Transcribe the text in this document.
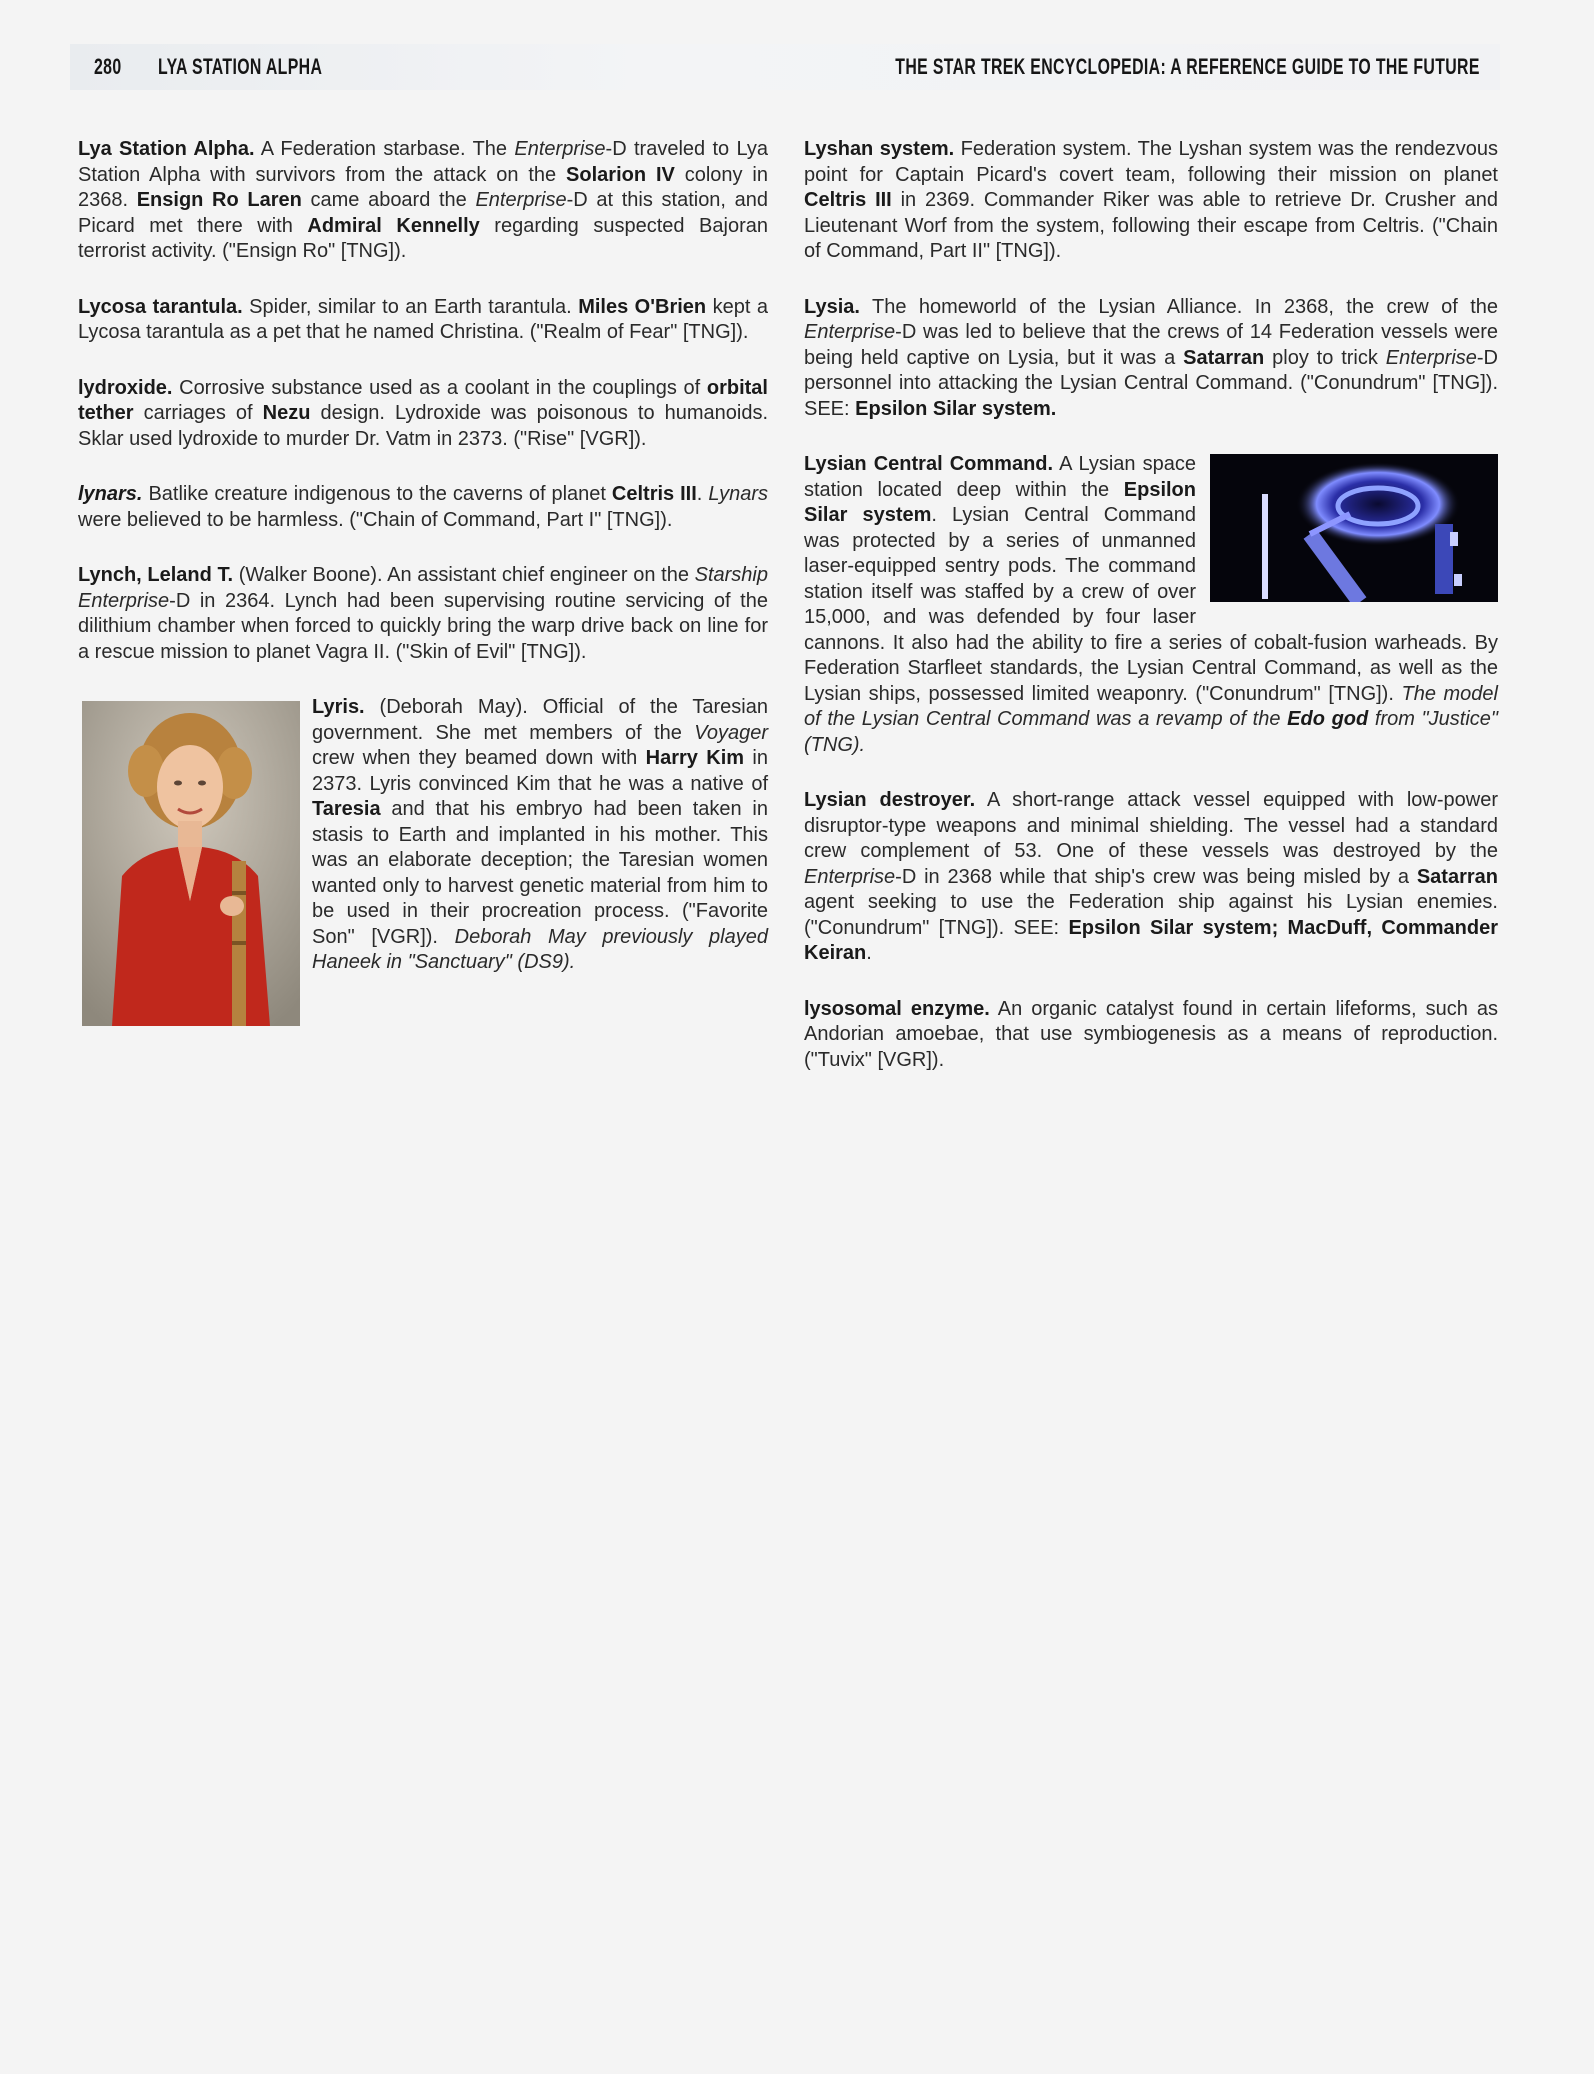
280 LYA STATION ALPHA	THE STAR TREK ENCYCLOPEDIA: A REFERENCE GUIDE TO THE FUTURE

Lya Station Alpha. A Federation starbase. The Enterprise-D traveled to Lya Station Alpha with survivors from the attack on the Solarion IV colony in 2368. Ensign Ro Laren came aboard the Enterprise-D at this station, and Picard met there with Admiral Kennelly regarding suspected Bajoran terrorist activity. ("Ensign Ro" [TNG]).

Lycosa tarantula. Spider, similar to an Earth tarantula. Miles O'Brien kept a Lycosa tarantula as a pet that he named Christina. ("Realm of Fear" [TNG]).

lydroxide. Corrosive substance used as a coolant in the couplings of orbital tether carriages of Nezu design. Lydroxide was poisonous to humanoids. Sklar used lydroxide to murder Dr. Vatm in 2373. ("Rise" [VGR]).

lynars. Batlike creature indigenous to the caverns of planet Celtris III. Lynars were believed to be harmless. ("Chain of Command, Part I" [TNG]).

Lynch, Leland T. (Walker Boone). An assistant chief engineer on the Starship Enterprise-D in 2364. Lynch had been supervising routine servicing of the dilithium chamber when forced to quickly bring the warp drive back on line for a rescue mission to planet Vagra II. ("Skin of Evil" [TNG]).

Lyris. (Deborah May). Official of the Taresian government. She met members of the Voyager crew when they beamed down with Harry Kim in 2373. Lyris convinced Kim that he was a native of Taresia and that his embryo had been taken in stasis to Earth and implanted in his mother. This was an elaborate deception; the Taresian women wanted only to harvest genetic material from him to be used in their procreation process. ("Favorite Son" [VGR]). Deborah May previously played Haneek in "Sanctuary" (DS9).

Lyshan system. Federation system. The Lyshan system was the rendezvous point for Captain Picard's covert team, following their mission on planet Celtris III in 2369. Commander Riker was able to retrieve Dr. Crusher and Lieutenant Worf from the system, following their escape from Celtris. ("Chain of Command, Part II" [TNG]).

Lysia. The homeworld of the Lysian Alliance. In 2368, the crew of the Enterprise-D was led to believe that the crews of 14 Federation vessels were being held captive on Lysia, but it was a Satarran ploy to trick Enterprise-D personnel into attacking the Lysian Central Command. ("Conundrum" [TNG]). SEE: Epsilon Silar system.

Lysian Central Command. A Lysian space station located deep within the Epsilon Silar system. Lysian Central Command was protected by a series of unmanned laser-equipped sentry pods. The command station itself was staffed by a crew of over 15,000, and was defended by four laser cannons. It also had the ability to fire a series of cobalt-fusion warheads. By Federation Starfleet standards, the Lysian Central Command, as well as the Lysian ships, possessed limited weaponry. ("Conundrum" [TNG]). The model of the Lysian Central Command was a revamp of the Edo god from "Justice" (TNG).

Lysian destroyer. A short-range attack vessel equipped with low-power disruptor-type weapons and minimal shielding. The vessel had a standard crew complement of 53. One of these vessels was destroyed by the Enterprise-D in 2368 while that ship's crew was being misled by a Satarran agent seeking to use the Federation ship against his Lysian enemies. ("Conundrum" [TNG]). SEE: Epsilon Silar system; MacDuff, Commander Keiran.

lysosomal enzyme. An organic catalyst found in certain lifeforms, such as Andorian amoebae, that use symbiogenesis as a means of reproduction. ("Tuvix" [VGR]).
